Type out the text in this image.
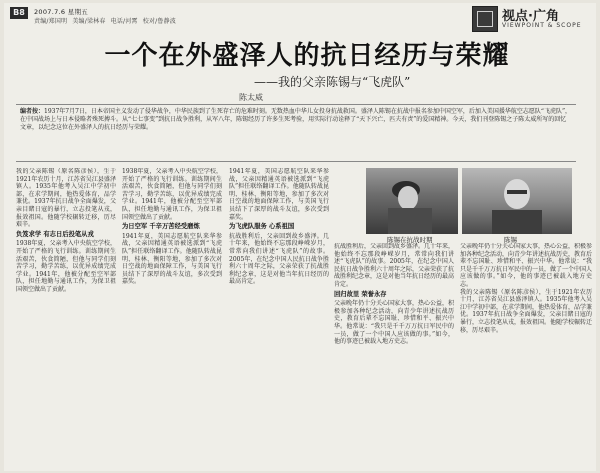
B8	2007.7.6 星期五
责编/郑国明 美编/梁林春 电话/河霄 校对/鲁静波	视点·广角
VIEWPOINT & SCOPE
一个在外盛泽人的抗日经历与荣耀
——我的父亲陈锡与“飞虎队”
陈太威
编者按：1937年7月7日，日本帝国主义发动了侵华战争，中华民族到了生死存亡的危难时刻。无数热血中华儿女投身抗战救国。盛泽人陈锡在抗战中报名参加中国空军，后加入美国援华航空志愿队“飞虎队”，在中国战场上与日本侵略者殊死搏斗。从“七七事变”到抗日战争胜利，从军八年，陈锡经历了许多生死考验，用实际行动诠释了“天下兴亡，匹夫有责”的爱国精神。今天，我们刊登陈锡之子陈太威所写的回忆文章，以纪念这位在外盛泽人的抗日经历与荣耀。
我的父亲陈锡（原名陈彦侯），生于1921年农历十月，江苏省吴江县盛泽镇人。1935年他考入吴江中学初中部，在求学期间，他热爱体育，品学兼优。1937年抗日战争全面爆发，父亲目睹日寇的暴行，立志投笔从戎，报效祖国。他随学校辗转迁移，历尽艰辛。
负笈求学 有志日后投笔从戎
1938年夏，父亲考入中央航空学校，开始了严格的飞行训练。训练期间生活艰苦，伙食简陋，但他与同学们刻苦学习，勤学苦练，以优异成绩完成学业。1941年，他被分配至空军部队，担任地勤与通讯工作，为保卫祖国领空做出了贡献。
1938年夏，父亲考入中央航空学校，开始了严格的飞行训练。训练期间生活艰苦，伙食简陋，但他与同学们刻苦学习，勤学苦练，以优异成绩完成学业。1941年，他被分配至空军部队，担任地勤与通讯工作，为保卫祖国领空做出了贡献。
为日空军 千辛万苦经受磨炼
1941年夏，美国志愿航空队来华参战，父亲因精通英语被选派到“飞虎队”担任联络翻译工作。他随队转战昆明、桂林、衡阳等地，参加了多次对日空战的地面保障工作，与美国飞行员结下了深厚的战斗友谊，多次受到嘉奖。
1941年夏，美国志愿航空队来华参战，父亲因精通英语被选派到“飞虎队”担任联络翻译工作。他随队转战昆明、桂林、衡阳等地，参加了多次对日空战的地面保障工作，与美国飞行员结下了深厚的战斗友谊，多次受到嘉奖。
为飞虎队服务 心系祖国
抗战胜利后，父亲回到故乡盛泽。几十年来，他始终不忘那段峥嵘岁月，常常向我们讲述“飞虎队”的故事。2005年，在纪念中国人民抗日战争胜利六十周年之际，父亲荣获了抗战胜利纪念章，这是对他当年抗日经历的最高肯定。
陈锡在抗战时期	陈锡
抗战胜利后，父亲回到故乡盛泽。几十年来，他始终不忘那段峥嵘岁月，常常向我们讲述“飞虎队”的故事。2005年，在纪念中国人民抗日战争胜利六十周年之际，父亲荣获了抗战胜利纪念章，这是对他当年抗日经历的最高肯定。
回归故里 荣誉永存
父亲晚年仍十分关心国家大事，热心公益，积极参加各种纪念活动，向青少年讲述抗战历史，教育后辈不忘国耻、珍惜和平、振兴中华。他常说：“我只是千千万万抗日军民中的一员，做了一个中国人应该做的事。”如今，他的事迹已被载入地方史志。
父亲晚年仍十分关心国家大事，热心公益，积极参加各种纪念活动，向青少年讲述抗战历史，教育后辈不忘国耻、珍惜和平、振兴中华。他常说：“我只是千千万万抗日军民中的一员，做了一个中国人应该做的事。”如今，他的事迹已被载入地方史志。
我的父亲陈锡（原名陈彦侯），生于1921年农历十月，江苏省吴江县盛泽镇人。1935年他考入吴江中学初中部，在求学期间，他热爱体育，品学兼优。1937年抗日战争全面爆发，父亲目睹日寇的暴行，立志投笔从戎，报效祖国。他随学校辗转迁移，历尽艰辛。
